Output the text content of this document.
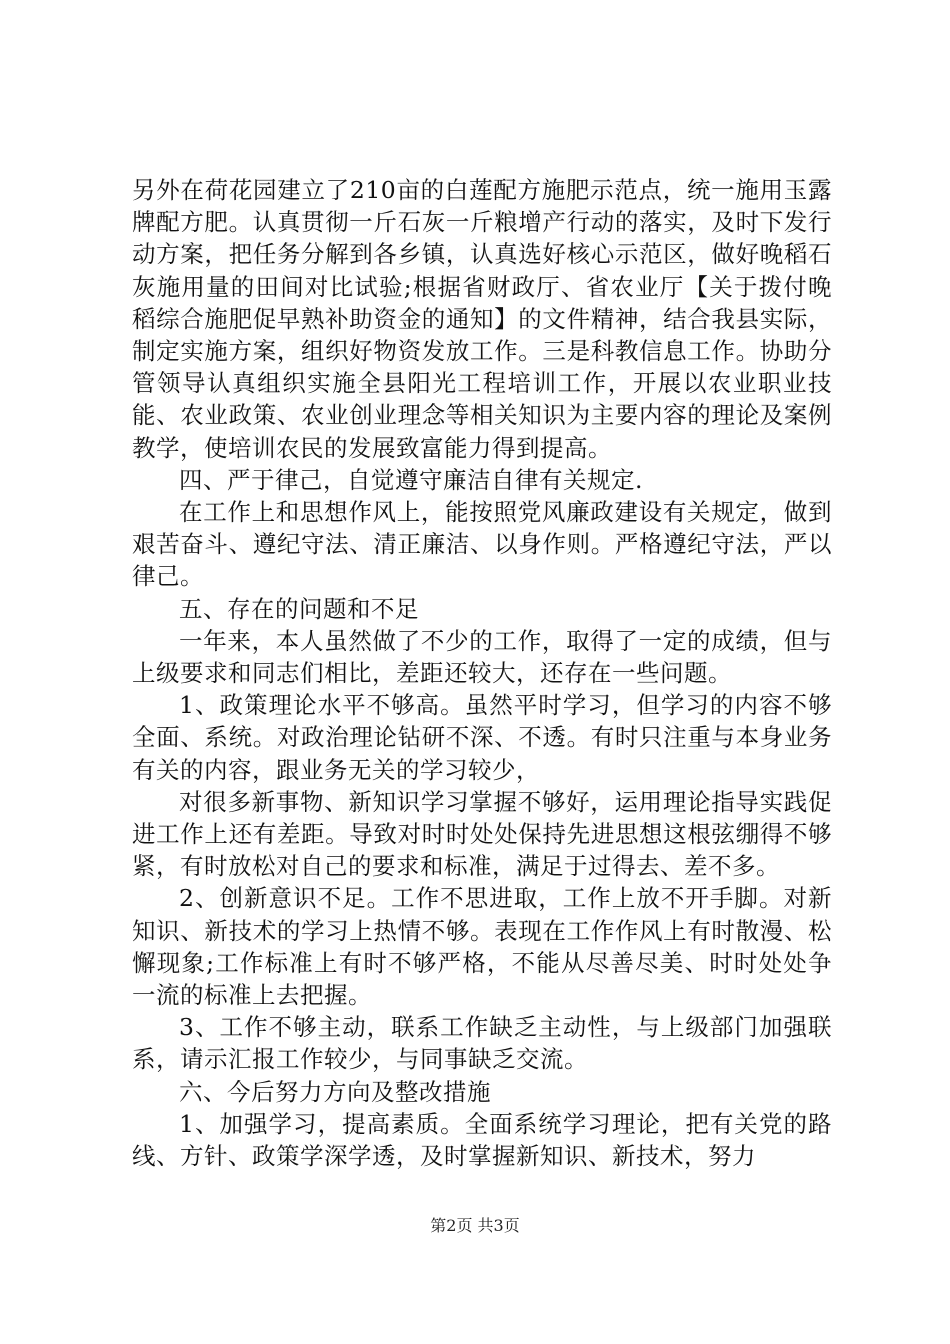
另外在荷花园建立了210亩的白莲配方施肥示范点，统一施用玉露牌配方肥。认真贯彻一斤石灰一斤粮增产行动的落实，及时下发行动方案，把任务分解到各乡镇，认真选好核心示范区，做好晚稻石灰施用量的田间对比试验;根据省财政厅、省农业厅【关于拨付晚稻综合施肥促早熟补助资金的通知】的文件精神，结合我县实际，制定实施方案，组织好物资发放工作。三是科教信息工作。协助分管领导认真组织实施全县阳光工程培训工作，开展以农业职业技能、农业政策、农业创业理念等相关知识为主要内容的理论及案例教学，使培训农民的发展致富能力得到提高。

四、严于律己，自觉遵守廉洁自律有关规定.

在工作上和思想作风上，能按照党风廉政建设有关规定，做到艰苦奋斗、遵纪守法、清正廉洁、以身作则。严格遵纪守法，严以律己。

五、存在的问题和不足

一年来，本人虽然做了不少的工作，取得了一定的成绩，但与上级要求和同志们相比，差距还较大，还存在一些问题。

1、政策理论水平不够高。虽然平时学习，但学习的内容不够全面、系统。对政治理论钻研不深、不透。有时只注重与本身业务有关的内容，跟业务无关的学习较少，

对很多新事物、新知识学习掌握不够好，运用理论指导实践促进工作上还有差距。导致对时时处处保持先进思想这根弦绷得不够紧，有时放松对自己的要求和标准，满足于过得去、差不多。

2、创新意识不足。工作不思进取，工作上放不开手脚。对新知识、新技术的学习上热情不够。表现在工作作风上有时散漫、松懈现象;工作标准上有时不够严格，不能从尽善尽美、时时处处争一流的标准上去把握。

3、工作不够主动，联系工作缺乏主动性，与上级部门加强联系，请示汇报工作较少，与同事缺乏交流。

六、今后努力方向及整改措施

1、加强学习，提高素质。全面系统学习理论，把有关党的路线、方针、政策学深学透，及时掌握新知识、新技术，努力

第2页 共3页
